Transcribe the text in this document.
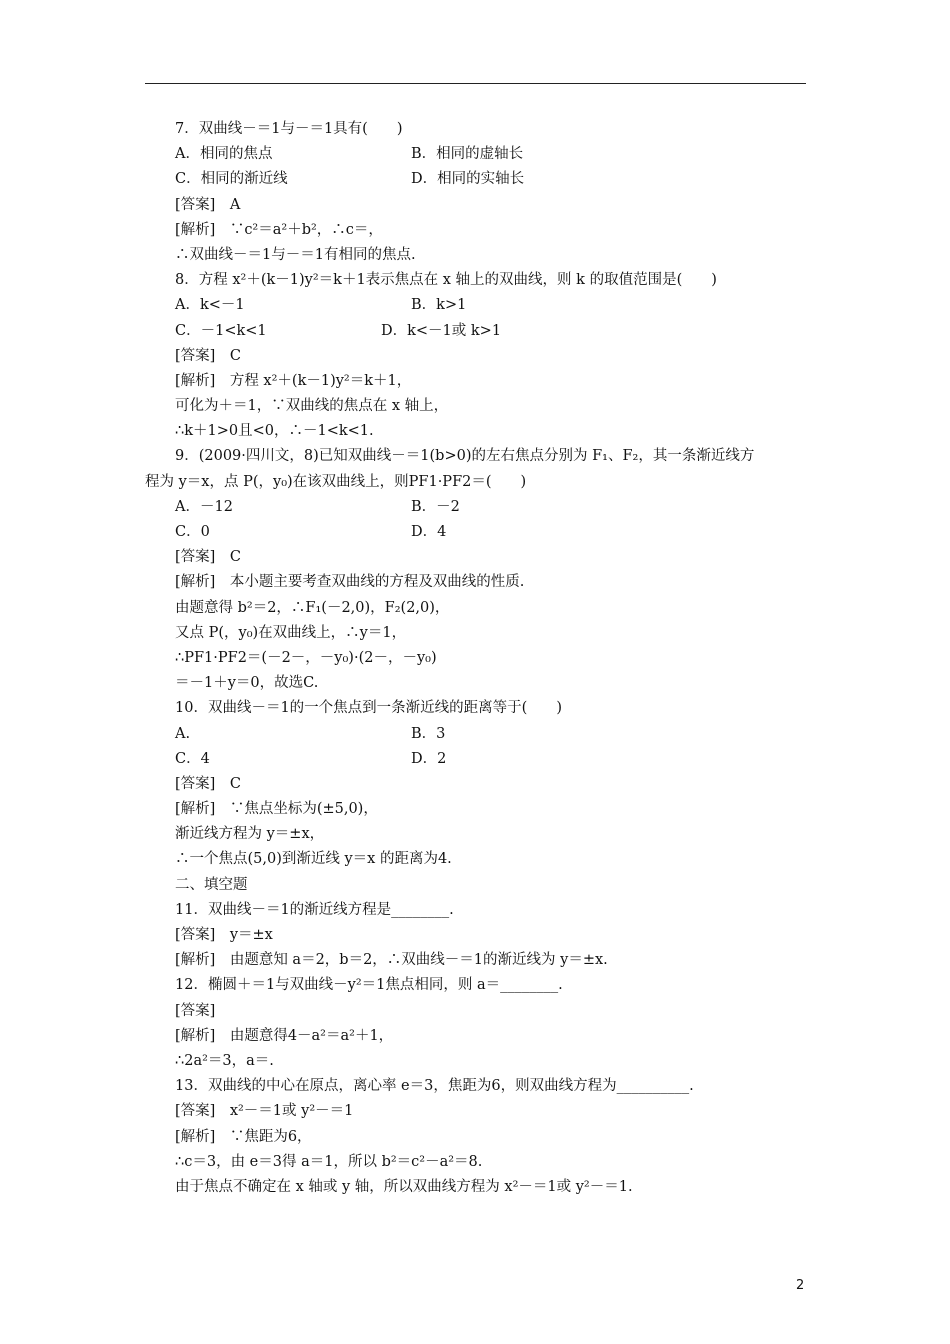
7．双曲线－＝1与－＝1具有(　　)
A．相同的焦点	B．相同的虚轴长
C．相同的渐近线	D．相同的实轴长
[答案]　A
[解析]　∵c²＝a²＋b²，∴c＝，
∴双曲线－＝1与－＝1有相同的焦点.
8．方程 x²＋(k－1)y²＝k＋1表示焦点在 x 轴上的双曲线，则 k 的取值范围是(　　)
A．k<－1	B．k>1
C．－1<k<1	D．k<－1或 k>1
[答案]　C
[解析]　方程 x²＋(k－1)y²＝k＋1，
可化为＋＝1，∵双曲线的焦点在 x 轴上，
∴k＋1>0且<0，∴－1<k<1.
9．(2009·四川文，8)已知双曲线－＝1(b>0)的左右焦点分别为 F₁、F₂，其一条渐近线方
程为 y＝x，点 P(，y₀)在该双曲线上，则PF1·PF2＝(　　)
A．－12	B．－2
C．0	D．4
[答案]　C
[解析]　本小题主要考查双曲线的方程及双曲线的性质.
由题意得 b²＝2，∴F₁(－2,0)，F₂(2,0)，
又点 P(，y₀)在双曲线上，∴y＝1，
∴PF1·PF2＝(－2－，－y₀)·(2－，－y₀)
＝－1＋y＝0，故选C.
10．双曲线－＝1的一个焦点到一条渐近线的距离等于(　　)
A.	B．3
C．4	D．2
[答案]　C
[解析]　∵焦点坐标为(±5,0)，
渐近线方程为 y＝±x，
∴一个焦点(5,0)到渐近线 y＝x 的距离为4.
二、填空题
11．双曲线－＝1的渐近线方程是________.
[答案]　y＝±x
[解析]　由题意知 a＝2，b＝2，∴双曲线－＝1的渐近线为 y＝±x.
12．椭圆＋＝1与双曲线－y²＝1焦点相同，则 a＝________.
[答案]
[解析]　由题意得4－a²＝a²＋1，
∴2a²＝3，a＝.
13．双曲线的中心在原点，离心率 e＝3，焦距为6，则双曲线方程为__________.
[答案]　x²－＝1或 y²－＝1
[解析]　∵焦距为6，
∴c＝3，由 e＝3得 a＝1，所以 b²＝c²－a²＝8.
由于焦点不确定在 x 轴或 y 轴，所以双曲线方程为 x²－＝1或 y²－＝1.
2
